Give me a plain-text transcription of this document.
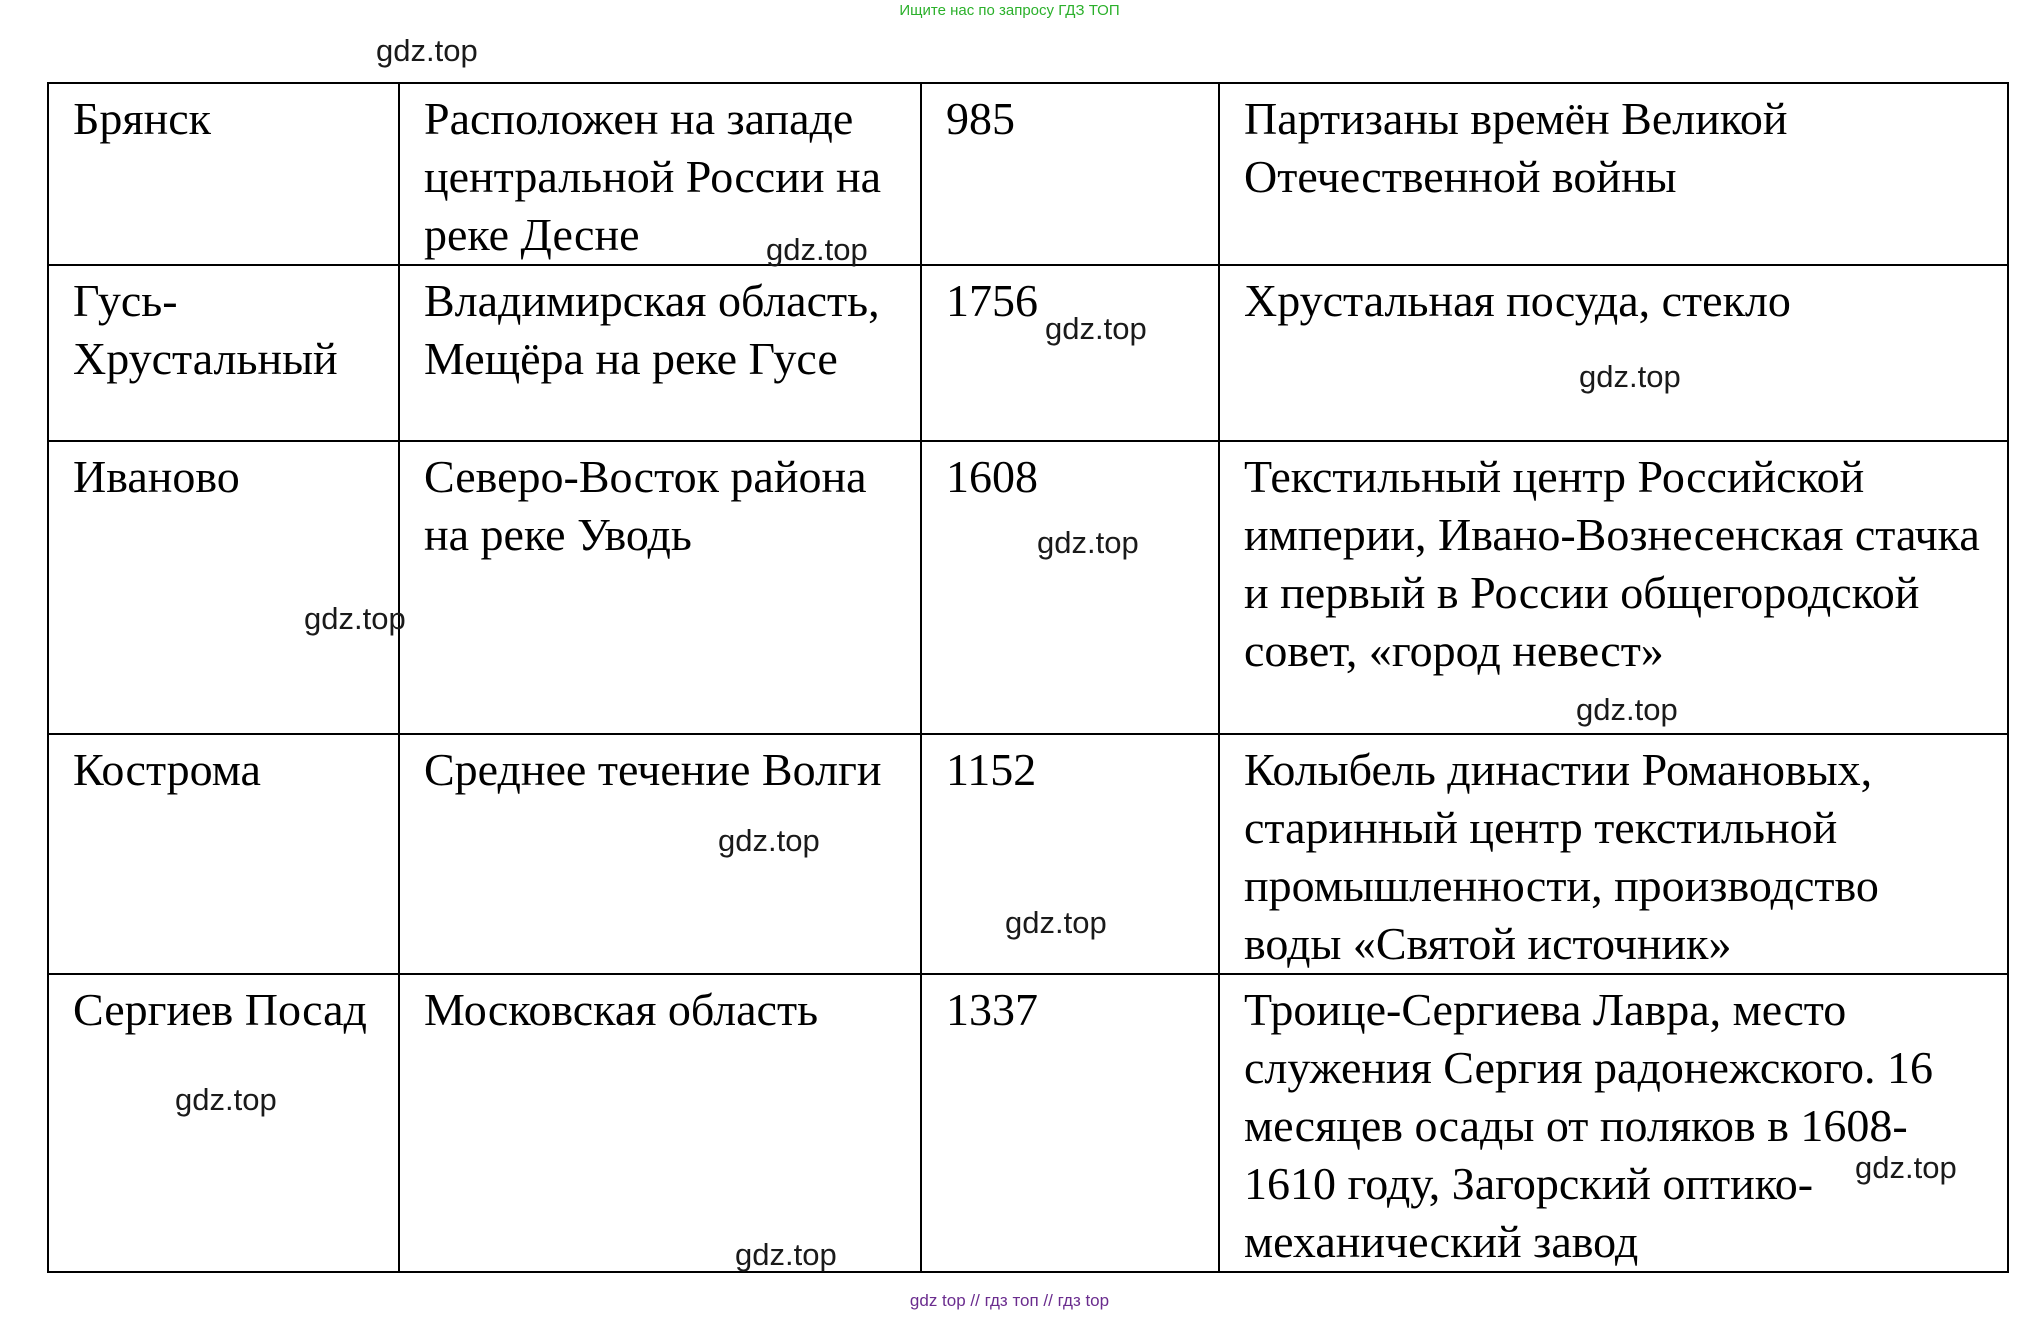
Ищите нас по запросу ГДЗ ТОП
Брянск	Расположен на западе центральной России на реке Десне	985	Партизаны времён Великой Отечественной войны
Гусь-Хрустальный	Владимирская область, Мещёра на реке Гусе	1756	Хрустальная посуда, стекло
Иваново	Северо-Восток района на реке Уводь	1608	Текстильный центр Российской империи, Ивано-Вознесенская стачка и первый в России общегородской совет, «город невест»
Кострома	Среднее течение Волги	1152	Колыбель династии Романовых, старинный центр текстильной промышленности, производство воды «Святой источник»
Сергиев Посад	Московская область	1337	Троице-Сергиева Лавра, место служения Сергия радонежского. 16 месяцев осады от поляков в 1608-1610 году, Загорский оптико-механический завод
gdz.top
gdz.top
gdz.top
gdz.top
gdz.top
gdz.top
gdz.top
gdz.top
gdz.top
gdz.top
gdz.top
gdz.top
gdz top // гдз топ // гдз top
